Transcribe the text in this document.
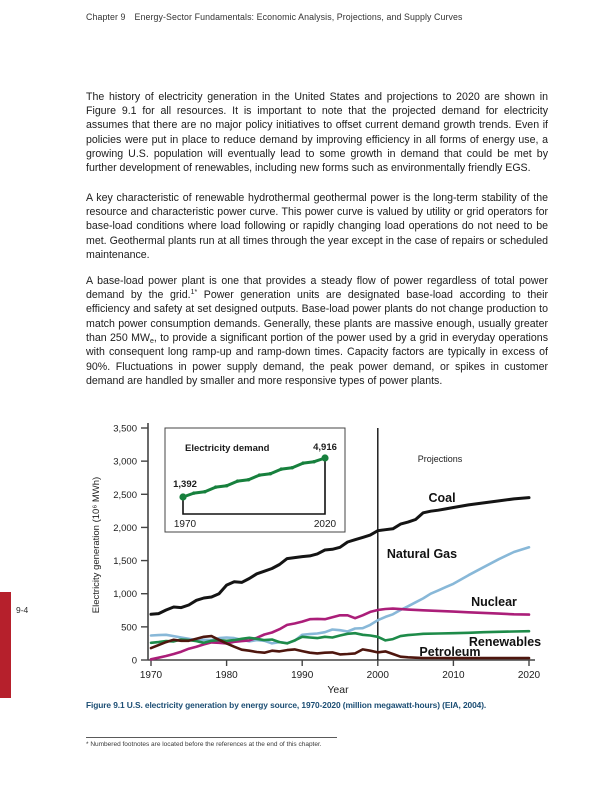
Chapter 9 Energy-Sector Fundamentals: Economic Analysis, Projections, and Supply Curves

The history of electricity generation in the United States and projections to 2020 are shown in Figure 9.1 for all resources. It is important to note that the projected demand for electricity assumes that there are no major policy initiatives to offset current demand growth trends. Even if policies were put in place to reduce demand by improving efficiency in all forms of energy use, a growing U.S. population will eventually lead to some growth in demand that could be met by further development of renewables, including new forms such as environmentally friendly EGS.

A key characteristic of renewable hydrothermal geothermal power is the long-term stability of the resource and characteristic power curve. This power curve is valued by utility or grid operators for base-load conditions where load following or rapidly changing load operations do not need to be met. Geothermal plants run at all times through the year except in the case of repairs or scheduled maintenance.

A base-load power plant is one that provides a steady flow of power regardless of total power demand by the grid.$^{1*}$ Power generation units are designated base-load according to their efficiency and safety at set designed outputs. Base-load power plants do not change production to match power consumption demands. Generally, these plants are massive enough, usually greater than 250 $MW_e$, to provide a significant portion of the power used by a grid in everyday operations with consequent long ramp-up and ramp-down times. Capacity factors are typically in excess of 90%. Fluctuations in power supply demand, the peak power demand, or spikes in customer demand are handled by smaller and more responsive types of power plants.

0
500
1,000
1,500
2,000
2,500
3,000
3,500
1970	1980	1990	2000	2010	2020
Electricity generation (10⁶ MWh)
Year
Projections
Coal
Natural Gas
Nuclear
Renewables
Petroleum
Electricity demand	4,916
1,392
1970	2020
Figure 9.1 U.S. electricity generation by energy source, 1970-2020 (million megawatt-hours) (EIA, 2004).
* Numbered footnotes are located before the references at the end of this chapter.
9-4
